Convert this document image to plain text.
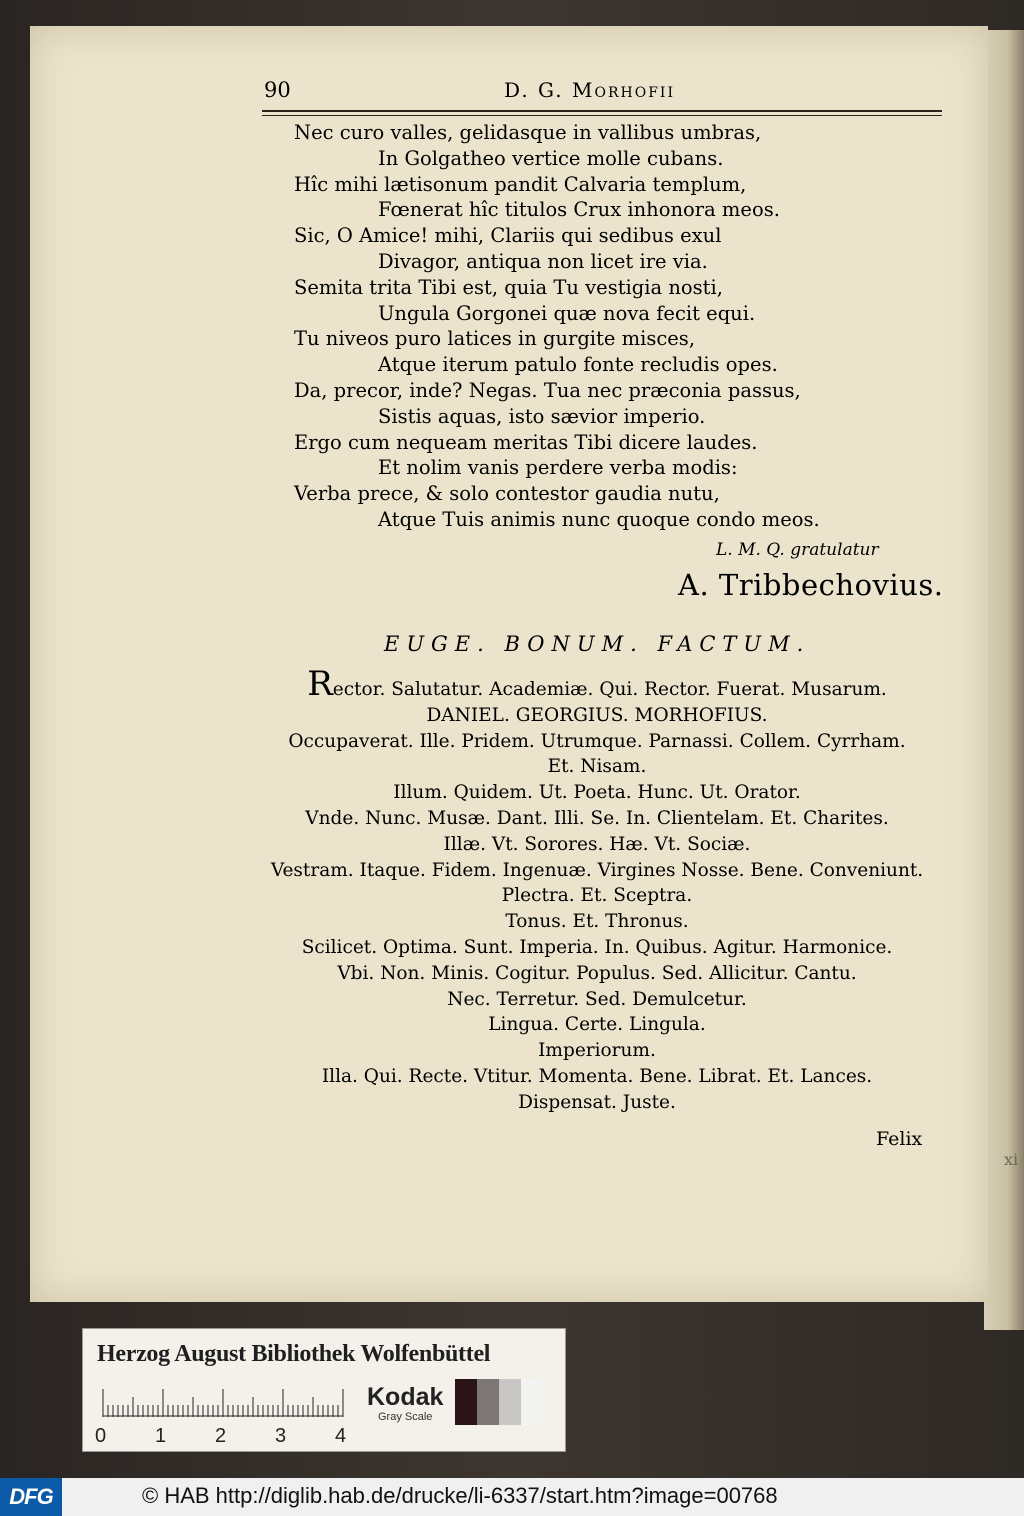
90	D. G. Morhofii
Nec curo valles, gelidasque in vallibus umbras,
In Golgatheo vertice molle cubans.
Hîc mihi lætisonum pandit Calvaria templum,
Fœnerat hîc titulos Crux inhonora meos.
Sic, O Amice! mihi, Clariis qui sedibus exul
Divagor, antiqua non licet ire via.
Semita trita Tibi est, quia Tu vestigia nosti,
Ungula Gorgonei quæ nova fecit equi.
Tu niveos puro latices in gurgite misces,
Atque iterum patulo fonte recludis opes.
Da, precor, inde? Negas. Tua nec præconia passus,
Sistis aquas, isto sævior imperio.
Ergo cum nequeam meritas Tibi dicere laudes.
Et nolim vanis perdere verba modis:
Verba prece, & solo contestor gaudia nutu,
Atque Tuis animis nunc quoque condo meos.
L. M. Q. gratulatur
A. Tribbechovius.
EUGE. BONUM. FACTUM.
Rector. Salutatur. Academiæ. Qui. Rector. Fuerat. Musarum.
DANIEL. GEORGIUS. MORHOFIUS.
Occupaverat. Ille. Pridem. Utrumque. Parnassi. Collem. Cyrrham.
Et. Nisam.
Illum. Quidem. Ut. Poeta. Hunc. Ut. Orator.
Vnde. Nunc. Musæ. Dant. Illi. Se. In. Clientelam. Et. Charites.
Illæ. Vt. Sorores. Hæ. Vt. Sociæ.
Vestram. Itaque. Fidem. Ingenuæ. Virgines Nosse. Bene. Conveniunt.
Plectra. Et. Sceptra.
Tonus. Et. Thronus.
Scilicet. Optima. Sunt. Imperia. In. Quibus. Agitur. Harmonice.
Vbi. Non. Minis. Cogitur. Populus. Sed. Allicitur. Cantu.
Nec. Terretur. Sed. Demulcetur.
Lingua. Certe. Lingula.
Imperiorum.
Illa. Qui. Recte. Vtitur. Momenta. Bene. Librat. Et. Lances.
Dispensat. Juste.
Felix
xi
Herzog August Bibliothek Wolfenbüttel
0 1 2 3 4
Kodak
Gray Scale
DFG	© HAB http://diglib.hab.de/drucke/li-6337/start.htm?image=00768
